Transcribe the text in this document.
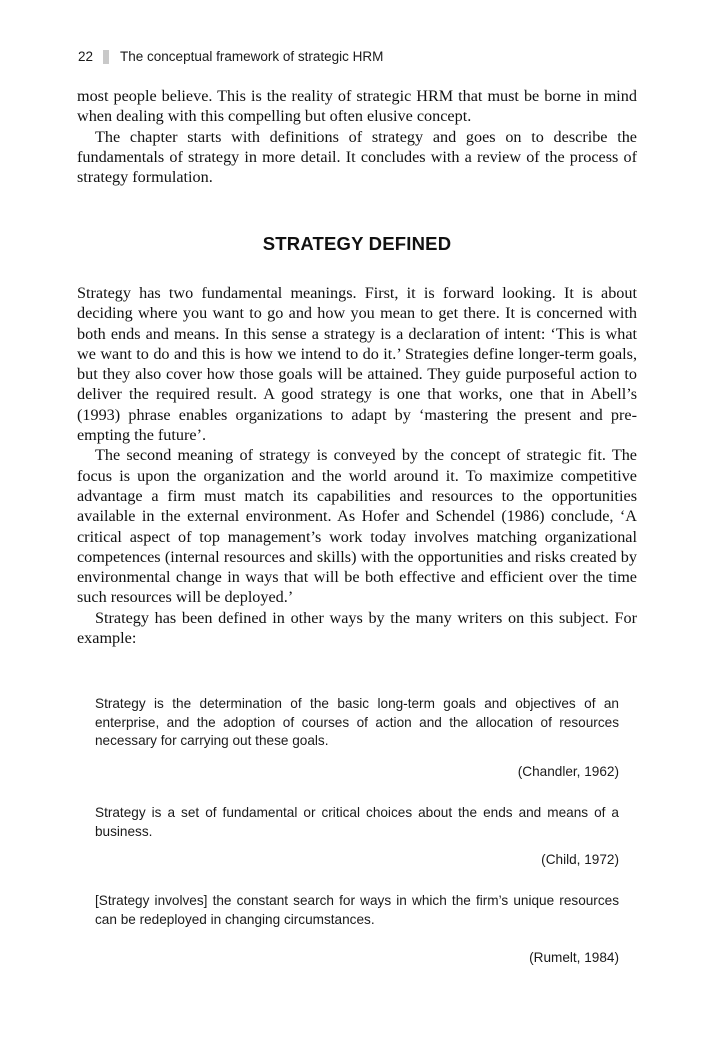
22 The conceptual framework of strategic HRM

most people believe. This is the reality of strategic HRM that must be borne in mind when dealing with this compelling but often elusive concept.

The chapter starts with definitions of strategy and goes on to describe the fundamentals of strategy in more detail. It concludes with a review of the process of strategy formulation.

STRATEGY DEFINED

Strategy has two fundamental meanings. First, it is forward looking. It is about deciding where you want to go and how you mean to get there. It is concerned with both ends and means. In this sense a strategy is a declaration of intent: ‘This is what we want to do and this is how we intend to do it.’ Strategies define longer-term goals, but they also cover how those goals will be attained. They guide purposeful action to deliver the required result. A good strategy is one that works, one that in Abell’s (1993) phrase enables organizations to adapt by ‘mastering the present and pre-empting the future’.

The second meaning of strategy is conveyed by the concept of strategic fit. The focus is upon the organization and the world around it. To maximize competitive advantage a firm must match its capabilities and resources to the opportunities available in the external environment. As Hofer and Schendel (1986) conclude, ‘A critical aspect of top management’s work today involves matching organizational competences (internal resources and skills) with the opportunities and risks created by environmental change in ways that will be both effective and efficient over the time such resources will be deployed.’

Strategy has been defined in other ways by the many writers on this subject. For example:

Strategy is the determination of the basic long-term goals and objectives of an enterprise, and the adoption of courses of action and the allocation of resources necessary for carrying out these goals.
(Chandler, 1962)
Strategy is a set of fundamental or critical choices about the ends and means of a business.
(Child, 1972)
[Strategy involves] the constant search for ways in which the firm’s unique resources can be redeployed in changing circumstances.
(Rumelt, 1984)
